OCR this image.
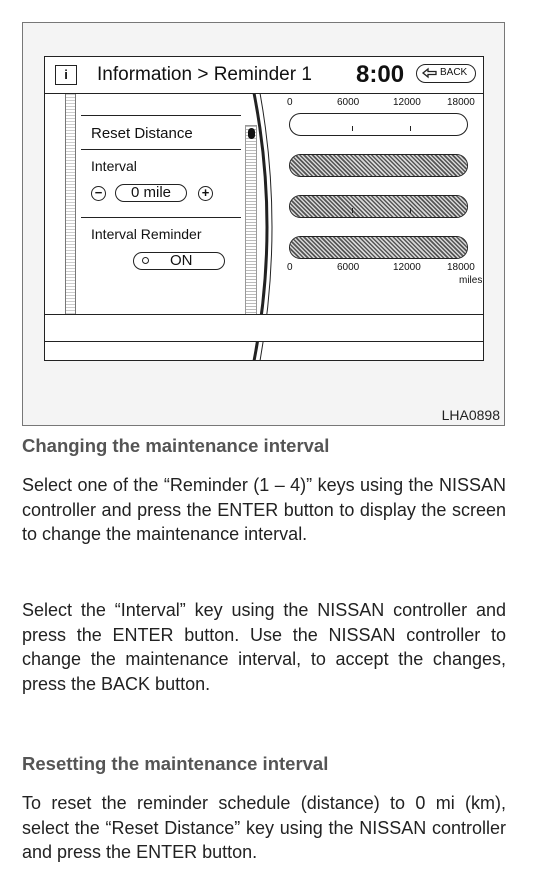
i	Information > Reminder 1 8:00	BACK
Reset Distance
Interval
−	0 mile	+
Interval Reminder
ON
0	6000	12000	18000
0	6000	12000	18000
miles
LHA0898
Changing the maintenance interval
Select one of the “Reminder (1 – 4)” keys using the NISSAN controller and press the ENTER button to display the screen to change the maintenance interval.
Select the “Interval” key using the NISSAN controller and press the ENTER button. Use the NISSAN controller to change the maintenance interval, to accept the changes, press the BACK button.
Resetting the maintenance interval
To reset the reminder schedule (distance) to 0 mi (km), select the “Reset Distance” key using the NISSAN controller and press the ENTER button.
